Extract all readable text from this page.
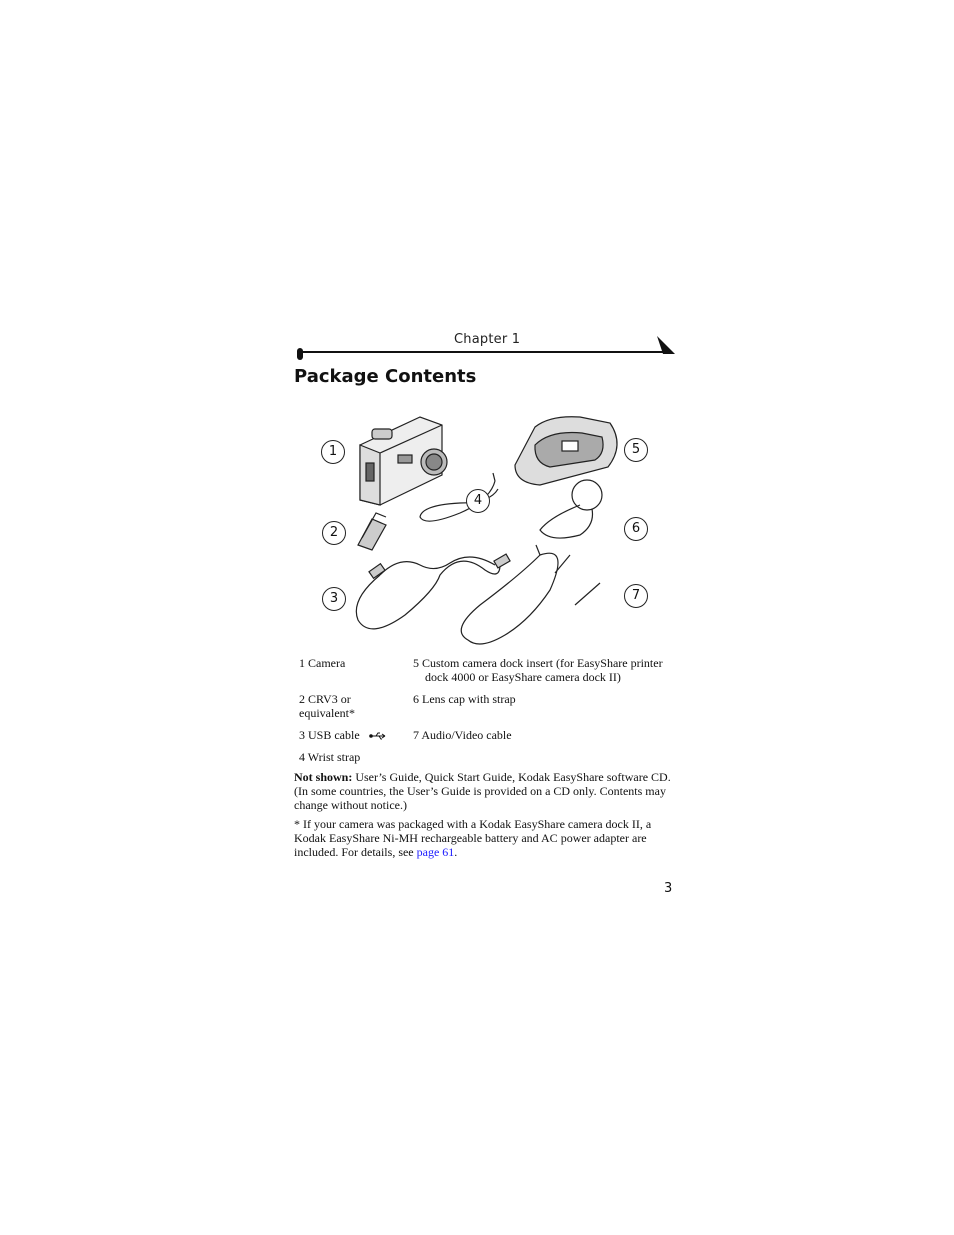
Chapter 1
Package Contents
1
2
3
4
5
6
7
1 Camera	5 Custom camera dock insert (for EasyShare printer
dock 4000 or EasyShare camera dock II)

2 CRV3 or equivalent*	6 Lens cap with strap
3 USB cable	7 Audio/Video cable
4 Wrist strap	
Not shown: User’s Guide, Quick Start Guide, Kodak EasyShare software CD. (In some countries, the User’s Guide is provided on a CD only. Contents may change without notice.)
* If your camera was packaged with a Kodak EasyShare camera dock II, a Kodak EasyShare Ni-MH rechargeable battery and AC power adapter are included. For details, see page 61.
3
